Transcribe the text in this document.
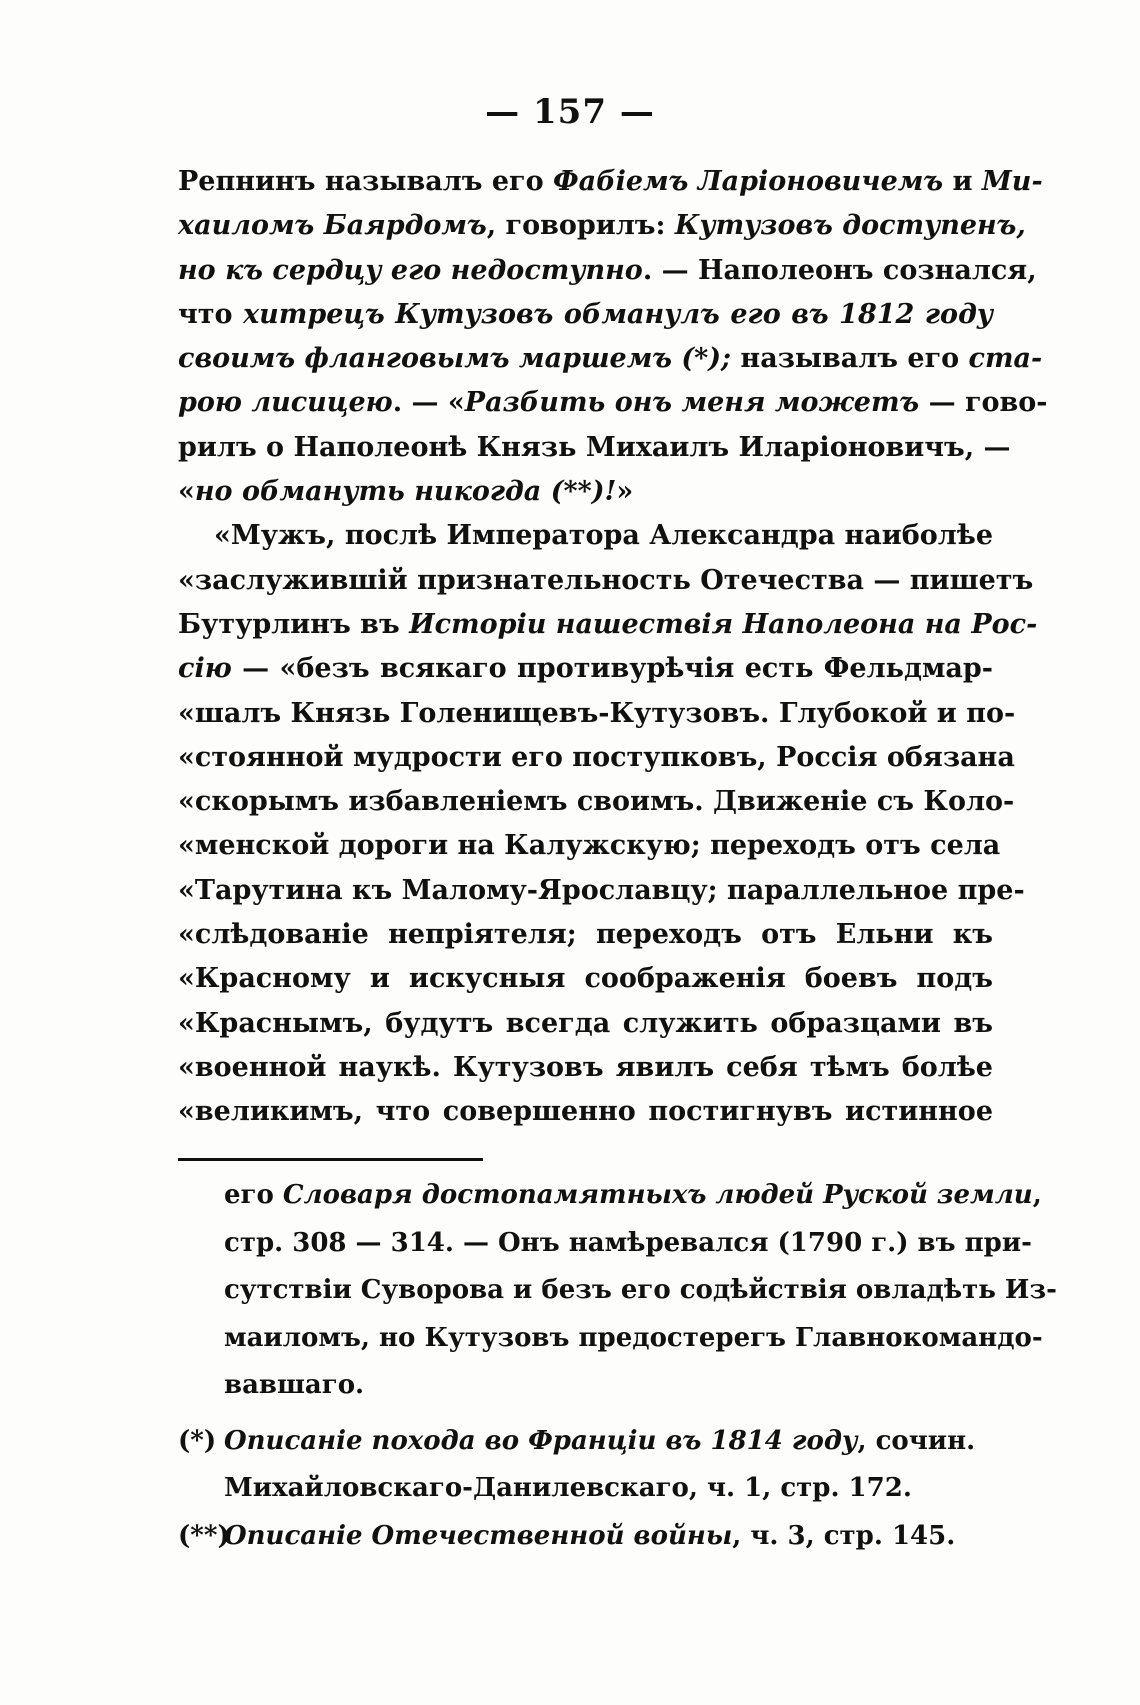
— 157 —
Репнинъ называлъ его Фабіемъ Ларіоновичемъ и Ми-
хаиломъ Баярдомъ, говорилъ: Кутузовъ доступенъ,
но къ сердцу его недоступно. — Наполеонъ сознался,
что хитрецъ Кутузовъ обманулъ его въ 1812 году
своимъ фланговымъ маршемъ (*); называлъ его ста-
рою лисицею. — «Разбить онъ меня можетъ — гово-
рилъ о Наполеонѣ Князь Михаилъ Иларіоновичъ, —
«но обмануть никогда (**)!»
«Мужъ, послѣ Императора Александра наиболѣе
«заслужившій признательность Отечества — пишетъ
Бутурлинъ въ Исторіи нашествія Наполеона на Рос-
сію — «безъ всякаго противурѣчія есть Фельдмар-
«шалъ Князь Голенищевъ-Кутузовъ. Глубокой и по-
«стоянной мудрости его поступковъ, Россія обязана
«скорымъ избавленіемъ своимъ. Движеніе съ Коло-
«менской дороги на Калужскую; переходъ отъ села
«Тарутина къ Малому-Ярославцу; параллельное пре-
«слѣдованіе непріятеля; переходъ отъ Ельни къ
«Красному и искусныя соображенія боевъ подъ
«Краснымъ, будутъ всегда служить образцами въ
«военной наукѣ. Кутузовъ явилъ себя тѣмъ болѣе
«великимъ, что совершенно постигнувъ истинное
его Словаря достопамятныхъ людей Руской земли,
стр. 308 — 314. — Онъ намѣревался (1790 г.) въ при-
сутствіи Суворова и безъ его содѣйствія овладѣть Из-
маиломъ, но Кутузовъ предостерегъ Главнокомандо-
вавшаго.
(*) Описаніе похода во Франціи въ 1814 году, сочин.
Михайловскаго-Данилевскаго, ч. 1, стр. 172.
(**)Описаніе Отечественной войны, ч. 3, стр. 145.
